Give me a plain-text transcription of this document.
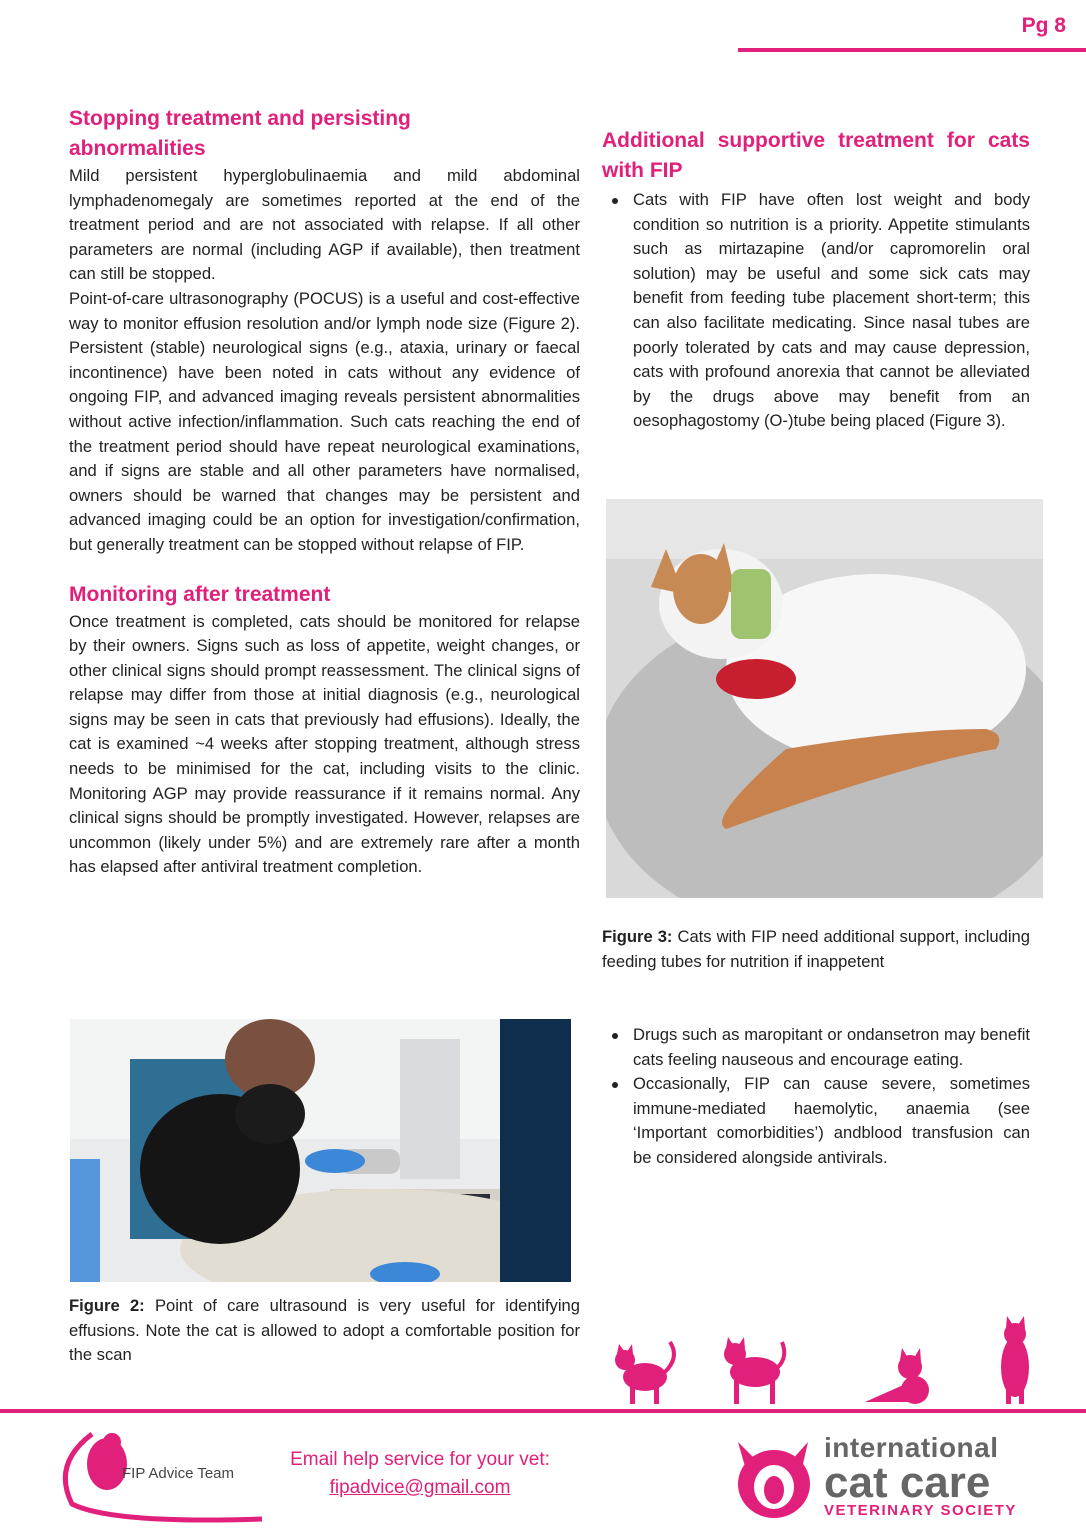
Pg 8
Stopping treatment and persisting abnormalities

Mild persistent hyperglobulinaemia and mild abdominal lymphadenomegaly are sometimes reported at the end of the treatment period and are not associated with relapse. If all other parameters are normal (including AGP if available), then treatment can still be stopped.

Point-of-care ultrasonography (POCUS) is a useful and cost-effective way to monitor effusion resolution and/or lymph node size (Figure 2). Persistent (stable) neurological signs (e.g., ataxia, urinary or faecal incontinence) have been noted in cats without any evidence of ongoing FIP, and advanced imaging reveals persistent abnormalities without active infection/inflammation. Such cats reaching the end of the treatment period should have repeat neurological examinations, and if signs are stable and all other parameters have normalised, owners should be warned that changes may be persistent and advanced imaging could be an option for investigation/confirmation, but generally treatment can be stopped without relapse of FIP.

Monitoring after treatment

Once treatment is completed, cats should be monitored for relapse by their owners. Signs such as loss of appetite, weight changes, or other clinical signs should prompt reassessment. The clinical signs of relapse may differ from those at initial diagnosis (e.g., neurological signs may be seen in cats that previously had effusions). Ideally, the cat is examined ~4 weeks after stopping treatment, although stress needs to be minimised for the cat, including visits to the clinic. Monitoring AGP may provide reassurance if it remains normal. Any clinical signs should be promptly investigated. However, relapses are uncommon (likely under 5%) and are extremely rare after a month has elapsed after antiviral treatment completion.

Figure 2: Point of care ultrasound is very useful for identifying effusions. Note the cat is allowed to adopt a comfortable position for the scan
Additional supportive treatment for cats with FIP
Cats with FIP have often lost weight and body condition so nutrition is a priority. Appetite stimulants such as mirtazapine (and/or capromorelin oral solution) may be useful and some sick cats may benefit from feeding tube placement short-term; this can also facilitate medicating. Since nasal tubes are poorly tolerated by cats and may cause depression, cats with profound anorexia that cannot be alleviated by the drugs above may benefit from an oesophagostomy (O-)tube being placed (Figure 3).
Figure 3: Cats with FIP need additional support, including feeding tubes for nutrition if inappetent
Drugs such as maropitant or ondansetron may benefit cats feeling nauseous and encourage eating.
Occasionally, FIP can cause severe, sometimes immune-mediated haemolytic, anaemia (see ‘Important comorbidities’) andblood transfusion can be considered alongside antivirals.
FIP Advice Team
Email help service for your vet:
fipadvice@gmail.com
international
cat care
VETERINARY SOCIETY
